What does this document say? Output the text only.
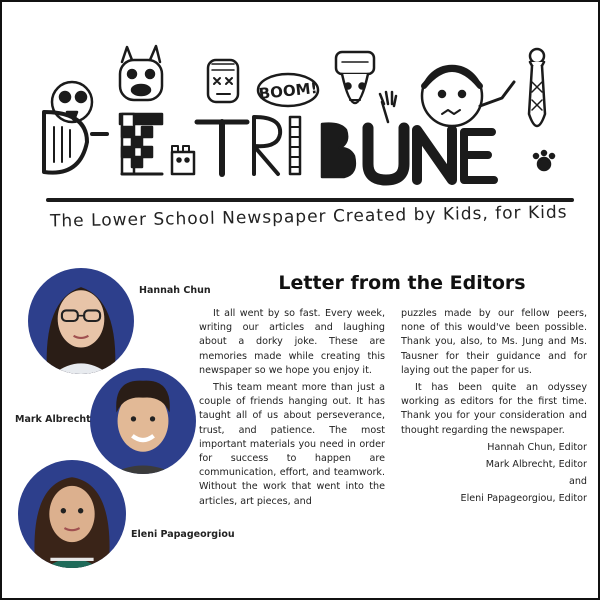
BOOM!
The Lower School Newspaper Created by Kids, for Kids
Hannah Chun
Mark Albrecht
Eleni Papageorgiou
Letter from the Editors

It all went by so fast. Every week, writing our articles and laughing about a dorky joke. These are memories made while creating this newspaper so we hope you enjoy it.

This team meant more than just a couple of friends hanging out. It has taught all of us about perseverance, trust, and patience. The most important materials you need in order for success to happen are communication, effort, and teamwork. Without the work that went into the articles, art pieces, and

puzzles made by our fellow peers, none of this would've been possible. Thank you, also, to Ms. Jung and Ms. Tausner for their guidance and for laying out the paper for us.

It has been quite an odyssey working as editors for the first time. Thank you for your consideration and thought regarding the newspaper.

Hannah Chun, Editor

Mark Albrecht, Editor

and

Eleni Papageorgiou, Editor
